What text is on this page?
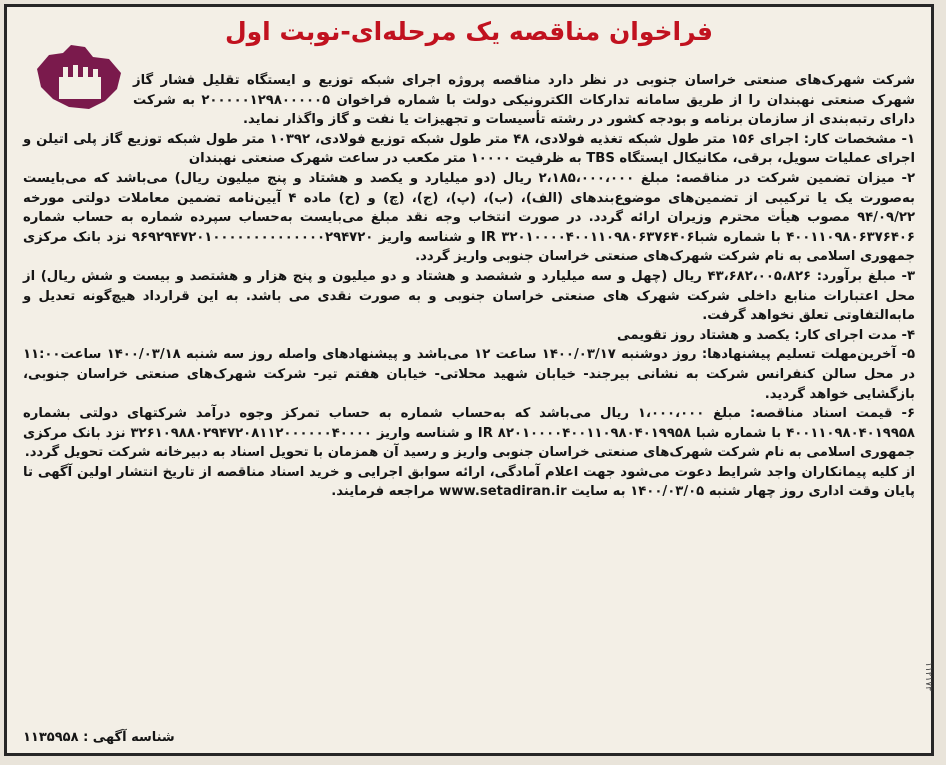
فراخوان مناقصه یک مرحله‌ای-نوبت اول
۱۱۲۱۷۳

شرکت شهرک‌های صنعتی خراسان جنوبی در نظر دارد مناقصه پروژه اجرای شبکه توزیع و ایستگاه تقلیل فشار گاز شهرک صنعتی نهبندان را از طریق سامانه تدارکات الکترونیکی دولت با شماره فراخوان ۲۰۰۰۰۰۱۲۹۸۰۰۰۰۰۵ به شرکت دارای رتبه‌بندی از سازمان برنامه و بودجه کشور در رشته تأسیسات و تجهیزات یا نفت و گاز واگذار نماید.

۱- مشخصات کار: اجرای ۱۵۶ متر طول شبکه تغذیه فولادی، ۴۸ متر طول شبکه توزیع فولادی، ۱۰۳۹۲ متر طول شبکه توزیع گاز پلی اتیلن و اجرای عملیات سویل، برقی، مکانیکال ایستگاه TBS به ظرفیت ۱۰۰۰۰ متر مکعب در ساعت شهرک صنعتی نهبندان

۲- میزان تضمین شرکت در مناقصه: مبلغ ۲،۱۸۵،۰۰۰،۰۰۰ ریال (دو میلیارد و یکصد و هشتاد و پنج میلیون ریال) می‌باشد که می‌بایست به‌صورت یک یا ترکیبی از تضمین‌های موضوع‌بندهای (الف)، (ب)، (پ)، (ج)، (چ) و (ح) ماده ۴ آیین‌نامه تضمین معاملات دولتی مورخه ۹۴/۰۹/۲۲ مصوب هیأت محترم وزیران ارائه گردد. در صورت انتخاب وجه نقد مبلغ می‌بایست به‌حساب سپرده شماره به حساب شماره ۴۰۰۱۱۰۹۸۰۶۳۷۶۴۰۶ با شماره شباIR ۳۲۰۱۰۰۰۰۴۰۰۱۱۰۹۸۰۶۳۷۶۴۰۶ و شناسه واریز ۹۶۹۲۹۴۷۲۰۱۰۰۰۰۰۰۰۰۰۰۰۰۰۰۲۹۴۷۲۰ نزد بانک مرکزی جمهوری اسلامی به نام شرکت شهرک‌های صنعتی خراسان جنوبی واریز گردد.

۳- مبلغ برآورد: ۴۳،۶۸۲،۰۰۵،۸۲۶ ریال (چهل و سه میلیارد و ششصد و هشتاد و دو میلیون و پنج هزار و هشتصد و بیست و شش ریال) از محل اعتبارات منابع داخلی شرکت شهرک های صنعتی خراسان جنوبی و به صورت نقدی می باشد. به این قرارداد هیچ‌گونه تعدیل و مابه‌التفاوتی تعلق نخواهد گرفت.

۴- مدت اجرای کار: یکصد و هشتاد روز تقویمی

۵- آخرین‌مهلت تسلیم پیشنهادها: روز دوشنبه ۱۴۰۰/۰۳/۱۷ ساعت ۱۲ می‌باشد و پیشنهادهای واصله روز سه شنبه ۱۴۰۰/۰۳/۱۸ ساعت۱۱:۰۰ در محل سالن کنفرانس شرکت به نشانی بیرجند- خیابان شهید محلاتی- خیابان هفتم تیر- شرکت شهرک‌های صنعتی خراسان جنوبی، بازگشایی خواهد گردید.

۶- قیمت اسناد مناقصه: مبلغ ۱،۰۰۰،۰۰۰ ریال می‌باشد که به‌حساب شماره به حساب تمرکز وجوه درآمد شرکتهای دولتی بشماره ۴۰۰۱۱۰۹۸۰۴۰۱۹۹۵۸ با شماره شبا IR ۸۲۰۱۰۰۰۰۴۰۰۱۱۰۹۸۰۴۰۱۹۹۵۸ و شناسه واریز ۳۲۶۱۰۹۸۸۰۲۹۴۷۲۰۸۱۱۲۰۰۰۰۰۰۴۰۰۰۰ نزد بانک مرکزی جمهوری اسلامی به نام شرکت شهرک‌های صنعتی خراسان جنوبی واریز و رسید آن همزمان با تحویل اسناد به دبیرخانه شرکت تحویل گردد.

از کلیه پیمانکاران واجد شرایط دعوت می‌شود جهت اعلام آمادگی، ارائه سوابق اجرایی و خرید اسناد مناقصه از تاریخ انتشار اولین آگهی تا پایان وقت اداری روز چهار شنبه ۱۴۰۰/۰۳/۰۵ به سایت www.setadiran.ir مراجعه فرمایند.

شناسه آگهی : ۱۱۳۵۹۵۸
